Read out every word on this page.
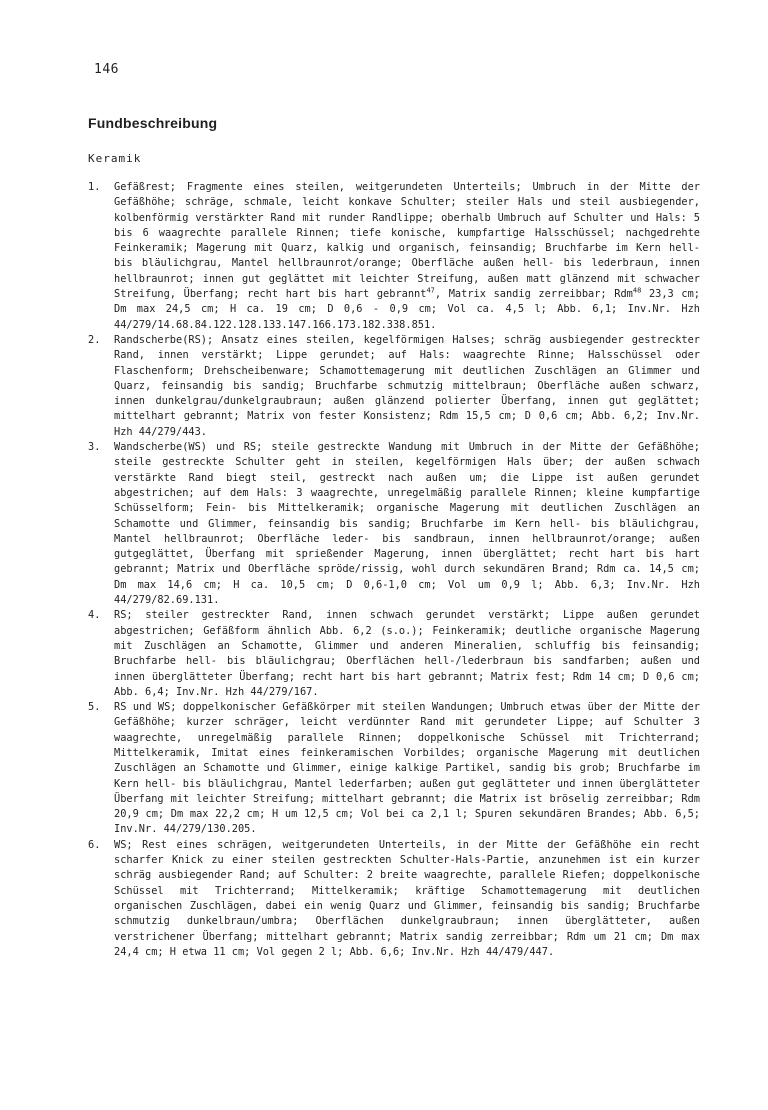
146
Fundbeschreibung
Keramik

1. Gefäßrest; Fragmente eines steilen, weitgerundeten Unterteils; Umbruch in der Mitte der Gefäßhöhe; schräge, schmale, leicht konkave Schulter; steiler Hals und steil ausbiegender, kolbenförmig verstärkter Rand mit runder Randlippe; oberhalb Umbruch auf Schulter und Hals: 5 bis 6 waagrechte parallele Rinnen; tiefe konische, kumpfartige Halsschüssel; nachgedrehte Feinkeramik; Magerung mit Quarz, kalkig und organisch, feinsandig; Bruchfarbe im Kern hell- bis bläulichgrau, Mantel hellbraunrot/orange; Oberfläche außen hell- bis lederbraun, innen hellbraunrot; innen gut geglättet mit leichter Streifung, außen matt glänzend mit schwacher Streifung, Überfang; recht hart bis hart gebrannt$^{47}$, Matrix sandig zerreibbar; Rdm$^{48}$ 23,3 cm; Dm max 24,5 cm; H ca. 19 cm; D 0,6 - 0,9 cm; Vol ca. 4,5 l; Abb. 6,1; Inv.Nr. Hzh 44/279/14.68.84.122.128.133.147.166.173.182.338.851.

2. Randscherbe(RS); Ansatz eines steilen, kegelförmigen Halses; schräg ausbiegender gestreckter Rand, innen verstärkt; Lippe gerundet; auf Hals: waagrechte Rinne; Halsschüssel oder Flaschenform; Drehscheibenware; Schamottemagerung mit deutlichen Zuschlägen an Glimmer und Quarz, feinsandig bis sandig; Bruchfarbe schmutzig mittelbraun; Oberfläche außen schwarz, innen dunkelgrau/dunkelgraubraun; außen glänzend polierter Überfang, innen gut geglättet; mittelhart gebrannt; Matrix von fester Konsistenz; Rdm 15,5 cm; D 0,6 cm; Abb. 6,2; Inv.Nr. Hzh 44/279/443.

3. Wandscherbe(WS) und RS; steile gestreckte Wandung mit Umbruch in der Mitte der Gefäßhöhe; steile gestreckte Schulter geht in steilen, kegelförmigen Hals über; der außen schwach verstärkte Rand biegt steil, gestreckt nach außen um; die Lippe ist außen gerundet abgestrichen; auf dem Hals: 3 waagrechte, unregelmäßig parallele Rinnen; kleine kumpfartige Schüsselform; Fein- bis Mittelkeramik; organische Magerung mit deutlichen Zuschlägen an Schamotte und Glimmer, feinsandig bis sandig; Bruchfarbe im Kern hell- bis bläulichgrau, Mantel hellbraunrot; Oberfläche leder- bis sandbraun, innen hellbraunrot/orange; außen gutgeglättet, Überfang mit sprießender Magerung, innen überglättet; recht hart bis hart gebrannt; Matrix und Oberfläche spröde/rissig, wohl durch sekundären Brand; Rdm ca. 14,5 cm; Dm max 14,6 cm; H ca. 10,5 cm; D 0,6-1,0 cm; Vol um 0,9 l; Abb. 6,3; Inv.Nr. Hzh 44/279/82.69.131.

4. RS; steiler gestreckter Rand, innen schwach gerundet verstärkt; Lippe außen gerundet abgestrichen; Gefäßform ähnlich Abb. 6,2 (s.o.); Feinkeramik; deutliche organische Magerung mit Zuschlägen an Schamotte, Glimmer und anderen Mineralien, schluffig bis feinsandig; Bruchfarbe hell- bis bläulichgrau; Oberflächen hell-/lederbraun bis sandfarben; außen und innen überglätteter Überfang; recht hart bis hart gebrannt; Matrix fest; Rdm 14 cm; D 0,6 cm; Abb. 6,4; Inv.Nr. Hzh 44/279/167.

5. RS und WS; doppelkonischer Gefäßkörper mit steilen Wandungen; Umbruch etwas über der Mitte der Gefäßhöhe; kurzer schräger, leicht verdünnter Rand mit gerundeter Lippe; auf Schulter 3 waagrechte, unregelmäßig parallele Rinnen; doppelkonische Schüssel mit Trichterrand; Mittelkeramik, Imitat eines feinkeramischen Vorbildes; organische Magerung mit deutlichen Zuschlägen an Schamotte und Glimmer, einige kalkige Partikel, sandig bis grob; Bruchfarbe im Kern hell- bis bläulichgrau, Mantel lederfarben; außen gut geglätteter und innen überglätteter Überfang mit leichter Streifung; mittelhart gebrannt; die Matrix ist bröselig zerreibbar; Rdm 20,9 cm; Dm max 22,2 cm; H um 12,5 cm; Vol bei ca 2,1 l; Spuren sekundären Brandes; Abb. 6,5; Inv.Nr. 44/279/130.205.

6. WS; Rest eines schrägen, weitgerundeten Unterteils, in der Mitte der Gefäßhöhe ein recht scharfer Knick zu einer steilen gestreckten Schulter-Hals-Partie, anzunehmen ist ein kurzer schräg ausbiegender Rand; auf Schulter: 2 breite waagrechte, parallele Riefen; doppelkonische Schüssel mit Trichterrand; Mittelkeramik; kräftige Schamottemagerung mit deutlichen organischen Zuschlägen, dabei ein wenig Quarz und Glimmer, feinsandig bis sandig; Bruchfarbe schmutzig dunkelbraun/umbra; Oberflächen dunkelgraubraun; innen überglätteter, außen verstrichener Überfang; mittelhart gebrannt; Matrix sandig zerreibbar; Rdm um 21 cm; Dm max 24,4 cm; H etwa 11 cm; Vol gegen 2 l; Abb. 6,6; Inv.Nr. Hzh 44/479/447.
